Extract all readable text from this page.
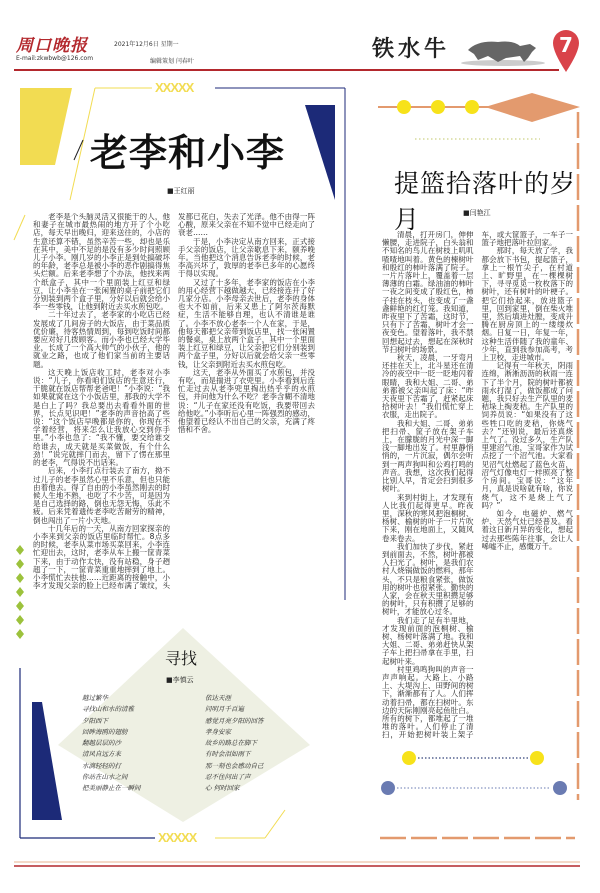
周口晚报
E-mail:zkwbwb@126.com
2021年12月6日 星期一
编辑策划 闫春叶	铁水牛	7
XXXXX
老李和小李
■王红丽

老李是个头脑灵活又很能干的人，他和妻子在城市最热闹的地方开了个小吃店，每天早出晚归，迎来送往的，小店的生意还算不错，虽然辛苦一些，却也是乐在其中，美中不足的是没有多少时间照顾儿子小李。刚几岁的小李正是到处搞破坏的年龄，老李总是被小李的恶作剧搞得焦头烂额。后来老李想了个办法，他找来两个纸盒子，其中一个里面装上红豆和绿豆，让小李坐在一张闲置的桌子前把它们分别装到两个盒子里，分好以后就会给小李一些零钱，让他到附近去买水煎包吃。

二十年过去了，老李家的小吃店已经发展成了几间房子的大饭店，由于菜品质优价廉，待客热情周到，每到吃饭时间都要应对好几拨顾客。而小李也已经大学毕业，长成了一个高大帅气的小伙子，他的就业之路，也成了他们家当前的主要话题。

这天晚上饭店收工时，老李对小李说：“儿子，你看咱们饭店的生意还行，干脆就在饭店帮帮老爸吧！”小李说：“我如果就窝在这个小饭店里，那我的大学不是白上了吗？我总要出去看看外面的世界，长点见识吧！”老李的声音抬高了些说：“这个饭店早晚都是你的，你现在不学着经营，将来怎么让我放心交到你手里。”小李也急了：“我不懂，要交给谁交给谁去，成天就是买菜做饭，有个什么劲！”说完就摔门而去，留下了愣在那里的老李，气得说不出话来。

后来，小李打点行装去了南方，拗不过儿子的老李虽然心里不乐意，但也只能由着他去。得了自由的小李虽然刚去的时候人生地不熟，也吃了不少苦，可是因为是自己选择的路，倒也无怨无悔，乐此不疲。后来凭着遗传老李吃苦耐劳的精神，倒也闯出了一片小天地。

十几年后的一天，从南方回家探亲的小李来到父亲的饭店里临时帮忙。8点多的时候，老李从菜市场买菜回来，小李连忙迎出去，这时，老李从车上搬一筐青菜下来，由于动作太快，没有站稳，身子趔趄了一下，一筐青菜重重地摔到了地上。小李慌忙去扶他……近距离的接触中，小李才发现父亲的脸上已经布满了皱纹，头发都已花白，失去了光泽。他不由得一阵心酸，原来父亲在不知不觉中已经走向了衰老……

于是，小李决定从南方回来，正式接手父亲的饭店，让父亲歇息下来，颐养晚年。当他把这个消息告诉老李的时候，老李高兴坏了，敦厚的老李已多年的心愿终于得以实现。

又过了十多年，老李家的饭店在小李的用心经营下越做越大，已经接连开了好几家分店。小李母亲去世后，老李的身体也大不如前，后来又患上了阿尔茨海默症，生活不能够自理，也认不清谁是谁了。小李不放心老李一个人在家，于是，他每天都把父亲带到饭店里，找一张闲置的餐桌，桌上放两个盒子，其中一个里面装上红豆和绿豆，让父亲把它们分别装到两个盒子里，分好以后就会给父亲一些零钱，让父亲到附近去买水煎包吃。

这天，老李从外面买了水煎包，并没有吃，而是揣进了衣兜里。小李看到后连忙走过去从老李兜里掏出热乎乎的水煎包，并问他为什么不吃？老李含糊不清地说：“儿子在家还没有吃饭，我要带回去给他吃。”小李听后心里一阵强烈的感动，他望着已经认不出自己的父亲，充满了疼惜和不舍。

寻找
■李慎云
越过繁华
寻找山和水的清雅
夕阳西下
回眸海鸥的翅膀
翻越层层的沙
清风自远方来
水滴轻轻的打
你站在山水之间
把美丽静止在一瞬间
依达天涯
问明月千百遍
感觉月亮夕阳的回答
孝身安家
故乡的路总在脚下
有时会泪如雨下
那一刻也会感动自己
忍不住问出了声
心 何时回家
XXXXX
提篮拾落叶的岁月	■闫艳江

清晨，打开房门，伸伸懒腰，走进院子，白头翁和不知名的鸟儿在树枝上叽叽喳喳地叫着。黄色的楝树叶和殷红的柿叶落满了院子。一片片落叶上，覆盖着一层薄薄的白霜。绿油油的柿叶一夜之间变成了殷红色，柿子挂在枝头，也变成了一盏盏鲜艳的红灯笼。我知道，昨夜里下了苦霜，这时节，只有下了苦霜，树叶才会一夜变色。望着落叶，我不禁回想起过去，想起在深秋时节扫树叶的场景。

秋天，凌晨，一牙弯月还挂在天上，北斗星还在清冷的夜空中一眨一眨地闪着眼睛，我和大姐、二哥、弟弟都被父亲叫起了床：“昨天夜里下苦霜了，赶紧起床拾树叶去！”我们慌忙穿上衣服，走出院子。

我和大姐、二哥、弟弟把扫帚、筐子放在架子车上，在朦胧的月光中深一脚浅一脚地出发了。村里静悄悄的，一片沉寂，偶尔会听到一两声狗叫和公鸡打鸣的声音。我想，这次我们起得比别人早，肯定会扫到很多树叶。

来到村街上，才发现有人比我们起得更早。昨夜里，深秋的寒风把泡桐树、杨树、榆树的叶子一片片吹下来，刚在地面上，又随风卷来卷去。

我们加快了步伐，紧赶到前面去，不然，树叶都被人扫光了。树叶，是我们农村人烧锅做饭的燃料，那年头，不只是粮食紧张，做饭用的树叶也很紧张。勤快的人家，会在秋天里积攒足够的树叶，只有积攒了足够的树叶，才能放心过冬。

我们走了足有半里地，才发现前面的泡桐树、榆树、杨树叶落满了地。我和大姐、二哥、弟弟赶快从架子车上把扫帚拿在手里，扫起树叶来。

村里鸡鸣狗叫的声音一声声响起。大路上、小路上、大堤沟上、田野间的树下，渐渐都有了人。人们挥动着扫帚，都在扫树叶。东边的天际刚刚亮起鱼肚白。所有的树下，都堆起了一堆堆的落叶。人们停止了清扫，开始把树叶装上架子车，或大筐篮子，一车子一篮子地把落叶拉回家。

那时，每天放了学，我都会放下书包，提起篮子，拿上一根竹尖子，在村道上、旷野里，在一棵棵树下，寻寻觅觅一枚枚落下的树叶，还有树叶的叶梗子。把它们拾起来，放进篮子里，回到家里，倒在柴火堆里，然后填进灶膛，变成升腾在厨房顶上的一缕缕炊烟。日复一日，年复一年，这种生活伴随了我的童年、少年，直到我参加高考，考上卫校，走进城市。

记得有一年秋天，阴雨连绵，淅淅沥沥的秋雨一连下了半个月，院的树叶都被雨水打湿了，做饭都成了问题，我只好去生产队里的麦秸垛上掏麦秸。生产队里的饲养员说：“如果没有了这些牲口吃的麦秸，你烧气去？”还别说，最后还真烧上气了。没过多久，生产队里建沼气池，宝哥家作为试点挖了一个沼气池。大家看见沼气灶燃起了蓝色火苗，沼气灯像电灯一样照亮了整个房间。宝哥说：“这年月，真是说啥就有啥，你说烧气，这不是烧上气了吗？”

如今，电磁炉、燃气炉、天然气灶已经普及。看着这日新月异的变化，想起过去那些陈年往事，会让人唏嘘不止，感慨万千。
